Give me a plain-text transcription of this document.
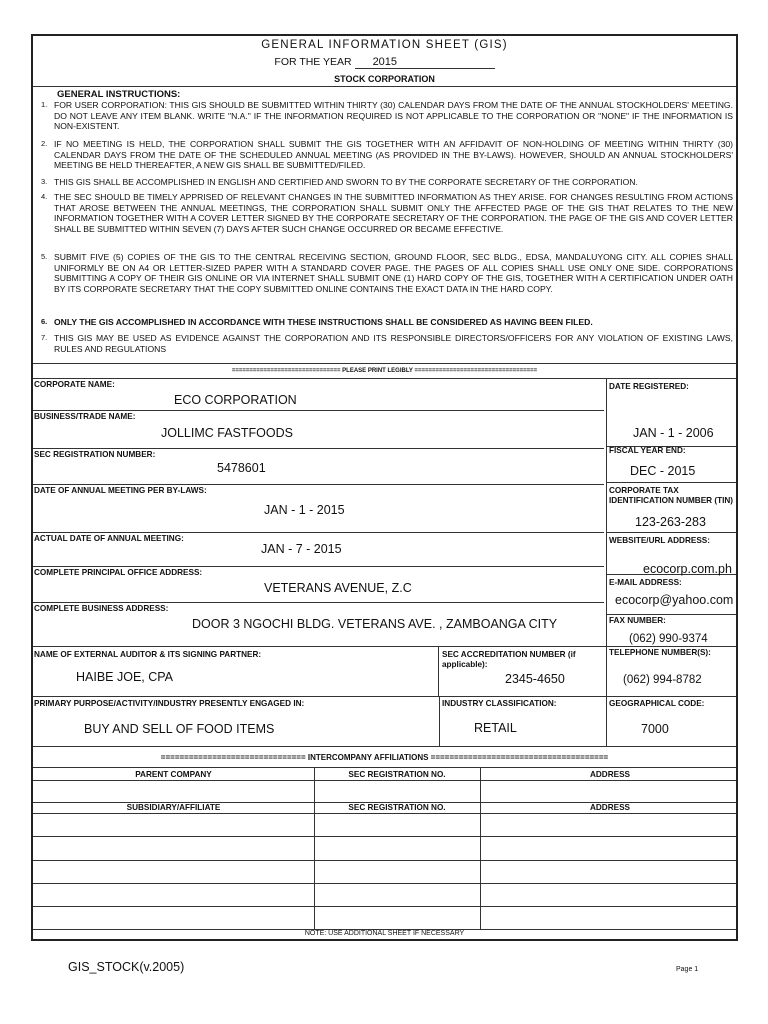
GENERAL INFORMATION SHEET (GIS)
FOR THE YEAR 2015
STOCK CORPORATION
GENERAL INSTRUCTIONS:
1. FOR USER CORPORATION: THIS GIS SHOULD BE SUBMITTED WITHIN THIRTY (30) CALENDAR DAYS FROM THE DATE OF THE ANNUAL STOCKHOLDERS' MEETING. DO NOT LEAVE ANY ITEM BLANK. WRITE "N.A." IF THE INFORMATION REQUIRED IS NOT APPLICABLE TO THE CORPORATION OR "NONE" IF THE INFORMATION IS NON-EXISTENT.
2. IF NO MEETING IS HELD, THE CORPORATION SHALL SUBMIT THE GIS TOGETHER WITH AN AFFIDAVIT OF NON-HOLDING OF MEETING WITHIN THIRTY (30) CALENDAR DAYS FROM THE DATE OF THE SCHEDULED ANNUAL MEETING (AS PROVIDED IN THE BY-LAWS). HOWEVER, SHOULD AN ANNUAL STOCKHOLDERS' MEETING BE HELD THEREAFTER, A NEW GIS SHALL BE SUBMITTED/FILED.
3. THIS GIS SHALL BE ACCOMPLISHED IN ENGLISH AND CERTIFIED AND SWORN TO BY THE CORPORATE SECRETARY OF THE CORPORATION.
4. THE SEC SHOULD BE TIMELY APPRISED OF RELEVANT CHANGES IN THE SUBMITTED INFORMATION AS THEY ARISE. FOR CHANGES RESULTING FROM ACTIONS THAT AROSE BETWEEN THE ANNUAL MEETINGS, THE CORPORATION SHALL SUBMIT ONLY THE AFFECTED PAGE OF THE GIS THAT RELATES TO THE NEW INFORMATION TOGETHER WITH A COVER LETTER SIGNED BY THE CORPORATE SECRETARY OF THE CORPORATION. THE PAGE OF THE GIS AND COVER LETTER SHALL BE SUBMITTED WITHIN SEVEN (7) DAYS AFTER SUCH CHANGE OCCURRED OR BECAME EFFECTIVE.
5. SUBMIT FIVE (5) COPIES OF THE GIS TO THE CENTRAL RECEIVING SECTION, GROUND FLOOR, SEC BLDG., EDSA, MANDALUYONG CITY. ALL COPIES SHALL UNIFORMLY BE ON A4 OR LETTER-SIZED PAPER WITH A STANDARD COVER PAGE. THE PAGES OF ALL COPIES SHALL USE ONLY ONE SIDE. CORPORATIONS SUBMITTING A COPY OF THEIR GIS ONLINE OR VIA INTERNET SHALL SUBMIT ONE (1) HARD COPY OF THE GIS, TOGETHER WITH A CERTIFICATION UNDER OATH BY ITS CORPORATE SECRETARY THAT THE COPY SUBMITTED ONLINE CONTAINS THE EXACT DATA IN THE HARD COPY.
6. ONLY THE GIS ACCOMPLISHED IN ACCORDANCE WITH THESE INSTRUCTIONS SHALL BE CONSIDERED AS HAVING BEEN FILED.
7. THIS GIS MAY BE USED AS EVIDENCE AGAINST THE CORPORATION AND ITS RESPONSIBLE DIRECTORS/OFFICERS FOR ANY VIOLATION OF EXISTING LAWS, RULES AND REGULATIONS
=============================== PLEASE PRINT LEGIBLY ===================================
CORPORATE NAME:
ECO CORPORATION
BUSINESS/TRADE NAME:
JOLLIMC FASTFOODS
SEC REGISTRATION NUMBER:
5478601
DATE OF ANNUAL MEETING PER BY-LAWS:
JAN - 1 - 2015
ACTUAL DATE OF ANNUAL MEETING:
JAN - 7 - 2015
COMPLETE PRINCIPAL OFFICE ADDRESS:
VETERANS AVENUE, Z.C
COMPLETE BUSINESS ADDRESS:
DOOR 3 NGOCHI BLDG. VETERANS AVE. , ZAMBOANGA CITY
NAME OF EXTERNAL AUDITOR & ITS SIGNING PARTNER:
HAIBE JOE, CPA
SEC ACCREDITATION NUMBER (if applicable):
2345-4650
PRIMARY PURPOSE/ACTIVITY/INDUSTRY PRESENTLY ENGAGED IN:
BUY AND SELL OF FOOD ITEMS
INDUSTRY CLASSIFICATION:
RETAIL
DATE REGISTERED:
JAN - 1 - 2006
FISCAL YEAR END:
DEC - 2015
CORPORATE TAX IDENTIFICATION NUMBER (TIN)
123-263-283
WEBSITE/URL ADDRESS:
ecocorp.com.ph
E-MAIL ADDRESS:
ecocorp@yahoo.com
FAX NUMBER:
(062) 990-9374
TELEPHONE NUMBER(S):
(062) 994-8782
GEOGRAPHICAL CODE:
7000
=============================== INTERCOMPANY AFFILIATIONS ======================================
PARENT COMPANY	SEC REGISTRATION NO.	ADDRESS
SUBSIDIARY/AFFILIATE	SEC REGISTRATION NO.	ADDRESS
NOTE: USE ADDITIONAL SHEET IF NECESSARY
GIS_STOCK(v.2005)	Page 1
